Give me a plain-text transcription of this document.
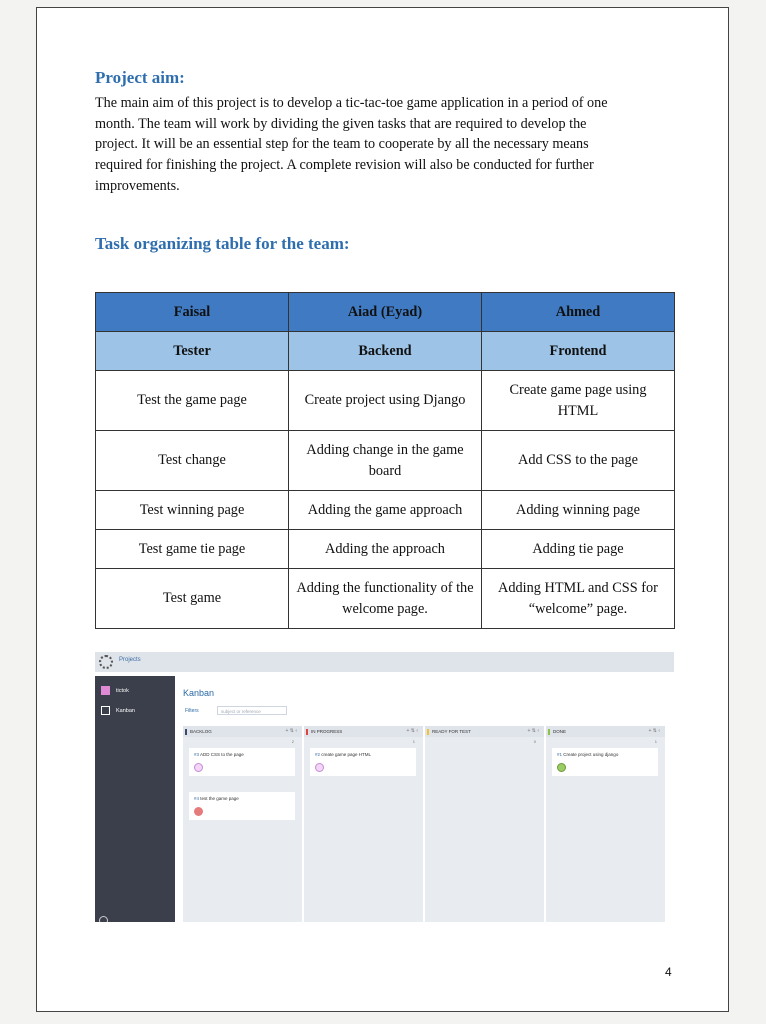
Project aim:
The main aim of this project is to develop a tic-tac-toe game application in a period of one month. The team will work by dividing the given tasks that are required to develop the project. It will be an essential step for the team to cooperate by all the necessary means required for finishing the project. A complete revision will also be conducted for further improvements.
Task organizing table for the team:
Faisal	Aiad (Eyad)	Ahmed
Tester	Backend	Frontend
Test the game page	Create project using Django	Create game page using HTML
Test change	Adding change in the game board	Add CSS to the page
Test winning page	Adding the game approach	Adding winning page
Test game tie page	Adding the approach	Adding tie page
Test game	Adding the functionality of the welcome page.	Adding HTML and CSS for “welcome” page.
Projects
tictok
Kanban
Kanban
Filters	subject or reference
BACKLOG	+ ⇅ ‹
2
#3 ADD CSS to the page
#4 test the game page
IN PROGRESS	+ ⇅ ‹
1
#2 create game page HTML
READY FOR TEST	+ ⇅ ‹
0
DONE	+ ⇅ ‹
1
#1 Create project using django
4
